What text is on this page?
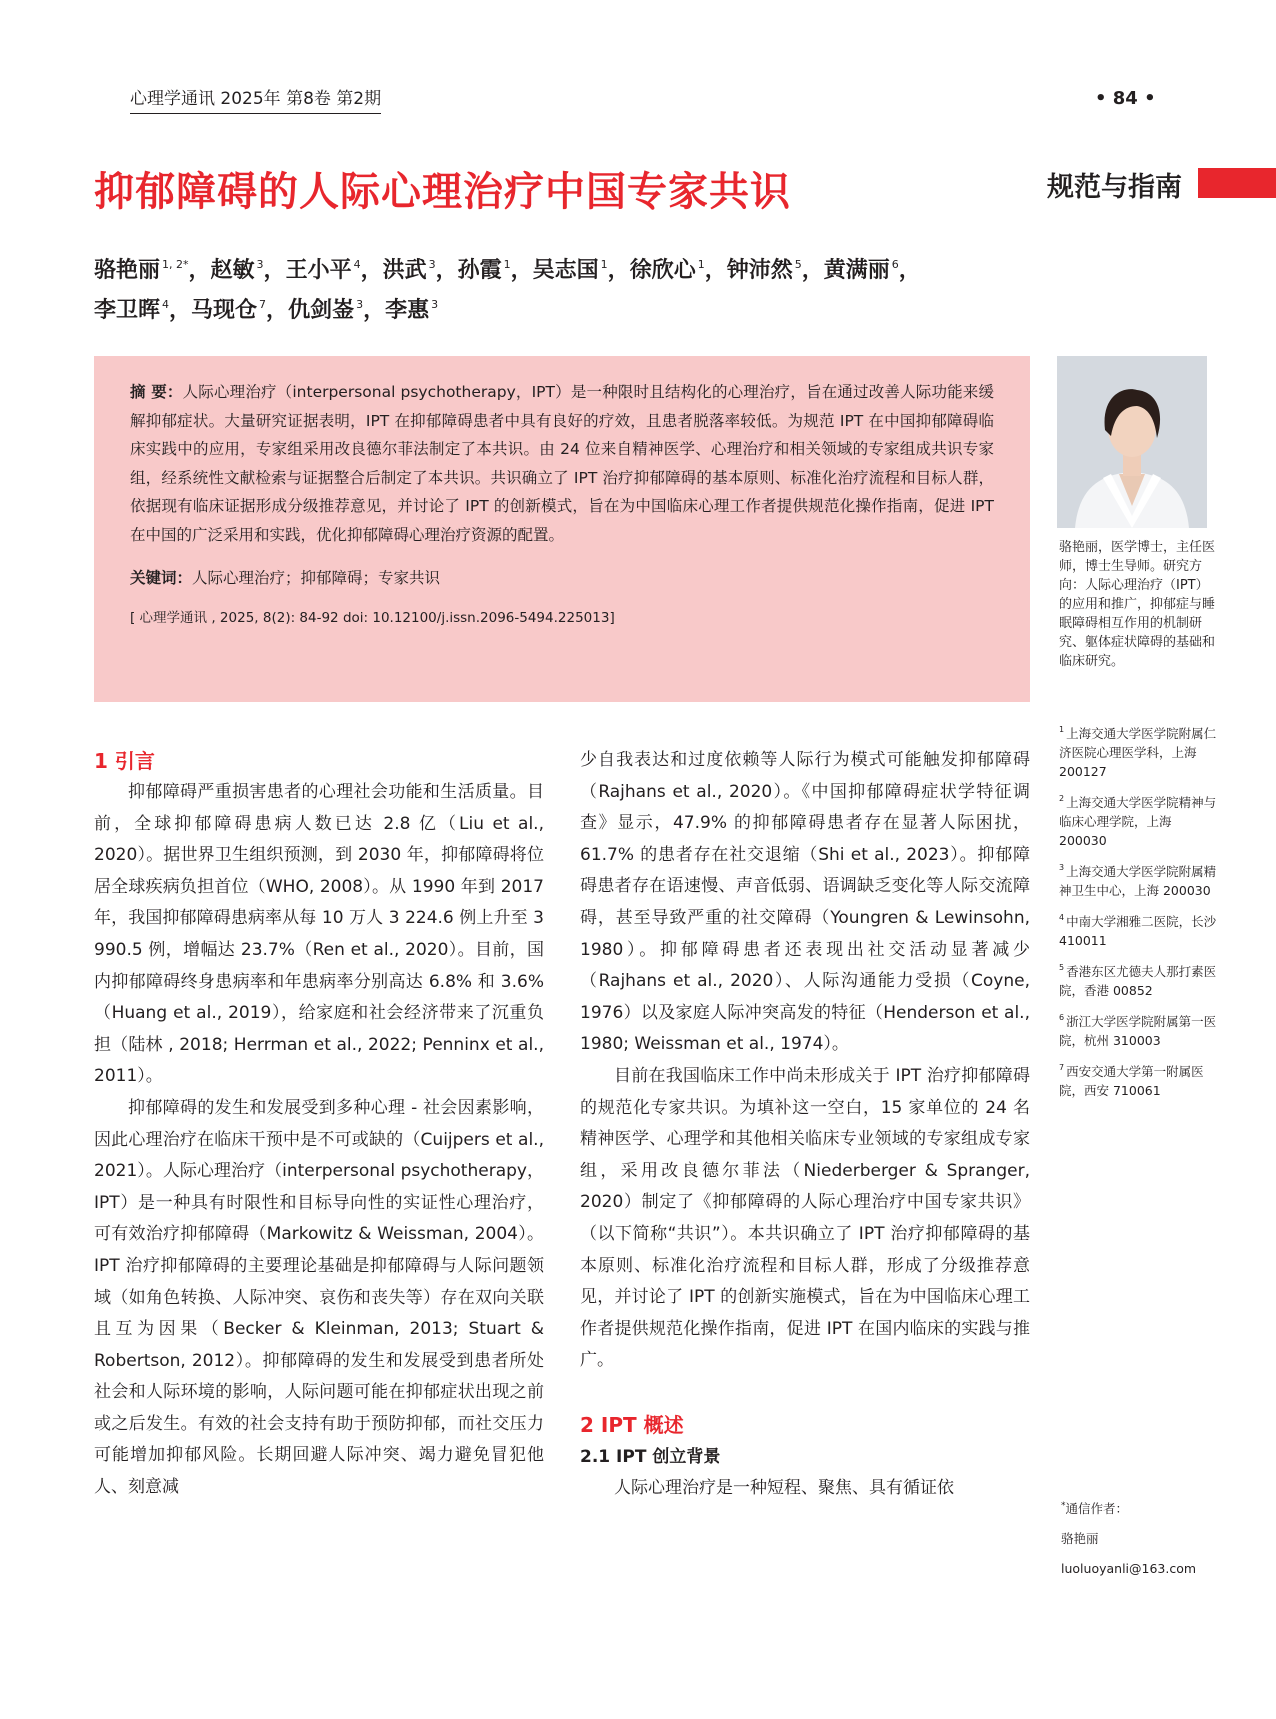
心理学通讯 2025年 第8卷 第2期	• 84 •
抑郁障碍的人际心理治疗中国专家共识	规范与指南
骆艳丽 $^{1, 2*}$，赵敏 $^3$，王小平 $^4$，洪武 $^3$，孙霞 $^1$，吴志国 $^1$，徐欣心 $^1$，钟沛然 $^5$，黄满丽 $^6$，
李卫晖 $^4$，马现仓 $^7$，仇剑崟 $^3$，李惠 $^3$

摘 要：人际心理治疗（interpersonal psychotherapy，IPT）是一种限时且结构化的心理治疗，旨在通过改善人际功能来缓解抑郁症状。大量研究证据表明，IPT 在抑郁障碍患者中具有良好的疗效，且患者脱落率较低。为规范 IPT 在中国抑郁障碍临床实践中的应用，专家组采用改良德尔菲法制定了本共识。由 24 位来自精神医学、心理治疗和相关领域的专家组成共识专家组，经系统性文献检索与证据整合后制定了本共识。共识确立了 IPT 治疗抑郁障碍的基本原则、标准化治疗流程和目标人群，依据现有临床证据形成分级推荐意见，并讨论了 IPT 的创新模式，旨在为中国临床心理工作者提供规范化操作指南，促进 IPT 在中国的广泛采用和实践，优化抑郁障碍心理治疗资源的配置。

关键词：人际心理治疗；抑郁障碍；专家共识
[ 心理学通讯 , 2025, 8(2): 84-92 doi: 10.12100/j.issn.2096-5494.225013]
骆艳丽，医学博士，主任医师，博士生导师。研究方向：人际心理治疗（IPT）的应用和推广，抑郁症与睡眠障碍相互作用的机制研究、躯体症状障碍的基础和临床研究。
$^1$ 上海交通大学医学院附属仁济医院心理医学科，上海 200127
$^2$ 上海交通大学医学院精神与临床心理学院，上海 200030
$^3$ 上海交通大学医学院附属精神卫生中心，上海 200030
$^4$ 中南大学湘雅二医院，长沙 410011
$^5$ 香港东区尤德夫人那打素医院，香港 00852
$^6$ 浙江大学医学院附属第一医院，杭州 310003
$^7$ 西安交通大学第一附属医院，西安 710061
1 引言

抑郁障碍严重损害患者的心理社会功能和生活质量。目前，全球抑郁障碍患病人数已达 2.8 亿（Liu et al., 2020）。据世界卫生组织预测，到 2030 年，抑郁障碍将位居全球疾病负担首位（WHO, 2008）。从 1990 年到 2017 年，我国抑郁障碍患病率从每 10 万人 3 224.6 例上升至 3 990.5 例，增幅达 23.7%（Ren et al., 2020）。目前，国内抑郁障碍终身患病率和年患病率分别高达 6.8% 和 3.6%（Huang et al., 2019），给家庭和社会经济带来了沉重负担（陆林 , 2018; Herrman et al., 2022; Penninx et al., 2011）。

抑郁障碍的发生和发展受到多种心理 - 社会因素影响，因此心理治疗在临床干预中是不可或缺的（Cuijpers et al., 2021）。人际心理治疗（interpersonal psychotherapy，IPT）是一种具有时限性和目标导向性的实证性心理治疗，可有效治疗抑郁障碍（Markowitz & Weissman, 2004）。IPT 治疗抑郁障碍的主要理论基础是抑郁障碍与人际问题领域（如角色转换、人际冲突、哀伤和丧失等）存在双向关联且互为因果（Becker & Kleinman, 2013; Stuart & Robertson, 2012）。抑郁障碍的发生和发展受到患者所处社会和人际环境的影响，人际问题可能在抑郁症状出现之前或之后发生。有效的社会支持有助于预防抑郁，而社交压力可能增加抑郁风险。长期回避人际冲突、竭力避免冒犯他人、刻意减

少自我表达和过度依赖等人际行为模式可能触发抑郁障碍（Rajhans et al., 2020）。《中国抑郁障碍症状学特征调查》显示，47.9% 的抑郁障碍患者存在显著人际困扰，61.7% 的患者存在社交退缩（Shi et al., 2023）。抑郁障碍患者存在语速慢、声音低弱、语调缺乏变化等人际交流障碍，甚至导致严重的社交障碍（Youngren & Lewinsohn, 1980）。抑郁障碍患者还表现出社交活动显著减少（Rajhans et al., 2020）、人际沟通能力受损（Coyne, 1976）以及家庭人际冲突高发的特征（Henderson et al., 1980; Weissman et al., 1974）。

目前在我国临床工作中尚未形成关于 IPT 治疗抑郁障碍的规范化专家共识。为填补这一空白，15 家单位的 24 名精神医学、心理学和其他相关临床专业领域的专家组成专家组，采用改良德尔菲法（Niederberger & Spranger, 2020）制定了《抑郁障碍的人际心理治疗中国专家共识》（以下简称“共识”）。本共识确立了 IPT 治疗抑郁障碍的基本原则、标准化治疗流程和目标人群，形成了分级推荐意见，并讨论了 IPT 的创新实施模式，旨在为中国临床心理工作者提供规范化操作指南，促进 IPT 在国内临床的实践与推广。

2 IPT 概述
2.1 IPT 创立背景

人际心理治疗是一种短程、聚焦、具有循证依

*通信作者：
骆艳丽
luoluoyanli@163.com
